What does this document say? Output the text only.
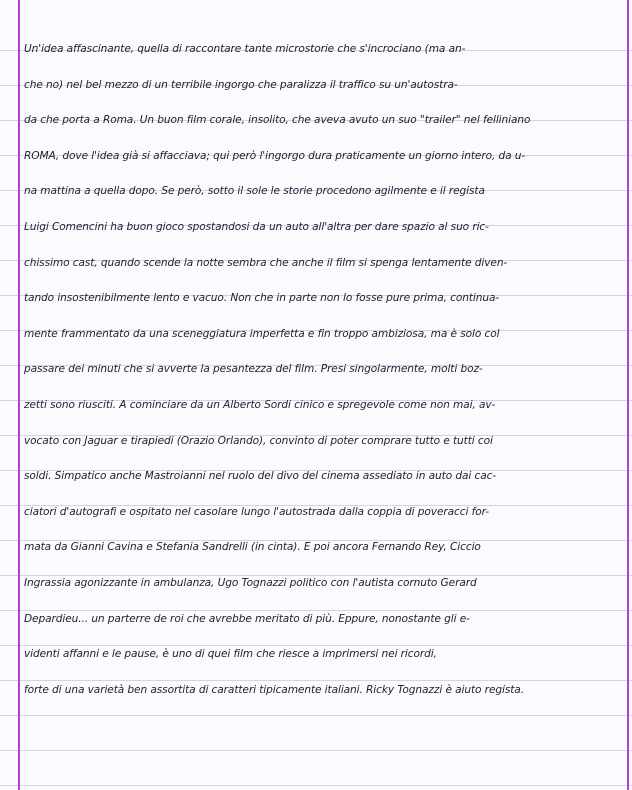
Un'idea affascinante, quella di raccontare tante microstorie che s'incrociano (ma an-
che no) nel bel mezzo di un terribile ingorgo che paralizza il traffico su un'autostra-
da che porta a Roma. Un buon film corale, insolito, che aveva avuto un suo "trailer" nel felliniano
ROMA, dove l'idea già si affacciava; qui però l'ingorgo dura praticamente un giorno intero, da u-
na mattina a quella dopo. Se però, sotto il sole le storie procedono agilmente e il regista
Luigi Comencini ha buon gioco spostandosi da un auto all'altra per dare spazio al suo ric-
chissimo cast, quando scende la notte sembra che anche il film si spenga lentamente diven-
tando insostenibilmente lento e vacuo. Non che in parte non lo fosse pure prima, continua-
mente frammentato da una sceneggiatura imperfetta e fin troppo ambiziosa, ma è solo col
passare dei minuti che si avverte la pesantezza del film. Presi singolarmente, molti boz-
zetti sono riusciti. A cominciare da un Alberto Sordi cinico e spregevole come non mai, av-
vocato con Jaguar e tirapiedi (Orazio Orlando), convinto di poter comprare tutto e tutti coi
soldi. Simpatico anche Mastroianni nel ruolo del divo del cinema assediato in auto dai cac-
ciatori d'autografi e ospitato nel casolare lungo l'autostrada dalla coppia di poveracci for-
mata da Gianni Cavina e Stefania Sandrelli (in cinta). E poi ancora Fernando Rey, Ciccio
Ingrassia agonizzante in ambulanza, Ugo Tognazzi politico con l'autista cornuto Gerard
Depardieu... un parterre de roi che avrebbe meritato di più. Eppure, nonostante gli e-
videnti affanni e le pause, è uno di quei film che riesce a imprimersi nei ricordi,
forte di una varietà ben assortita di caratteri tipicamente italiani. Ricky Tognazzi è aiuto regista.
